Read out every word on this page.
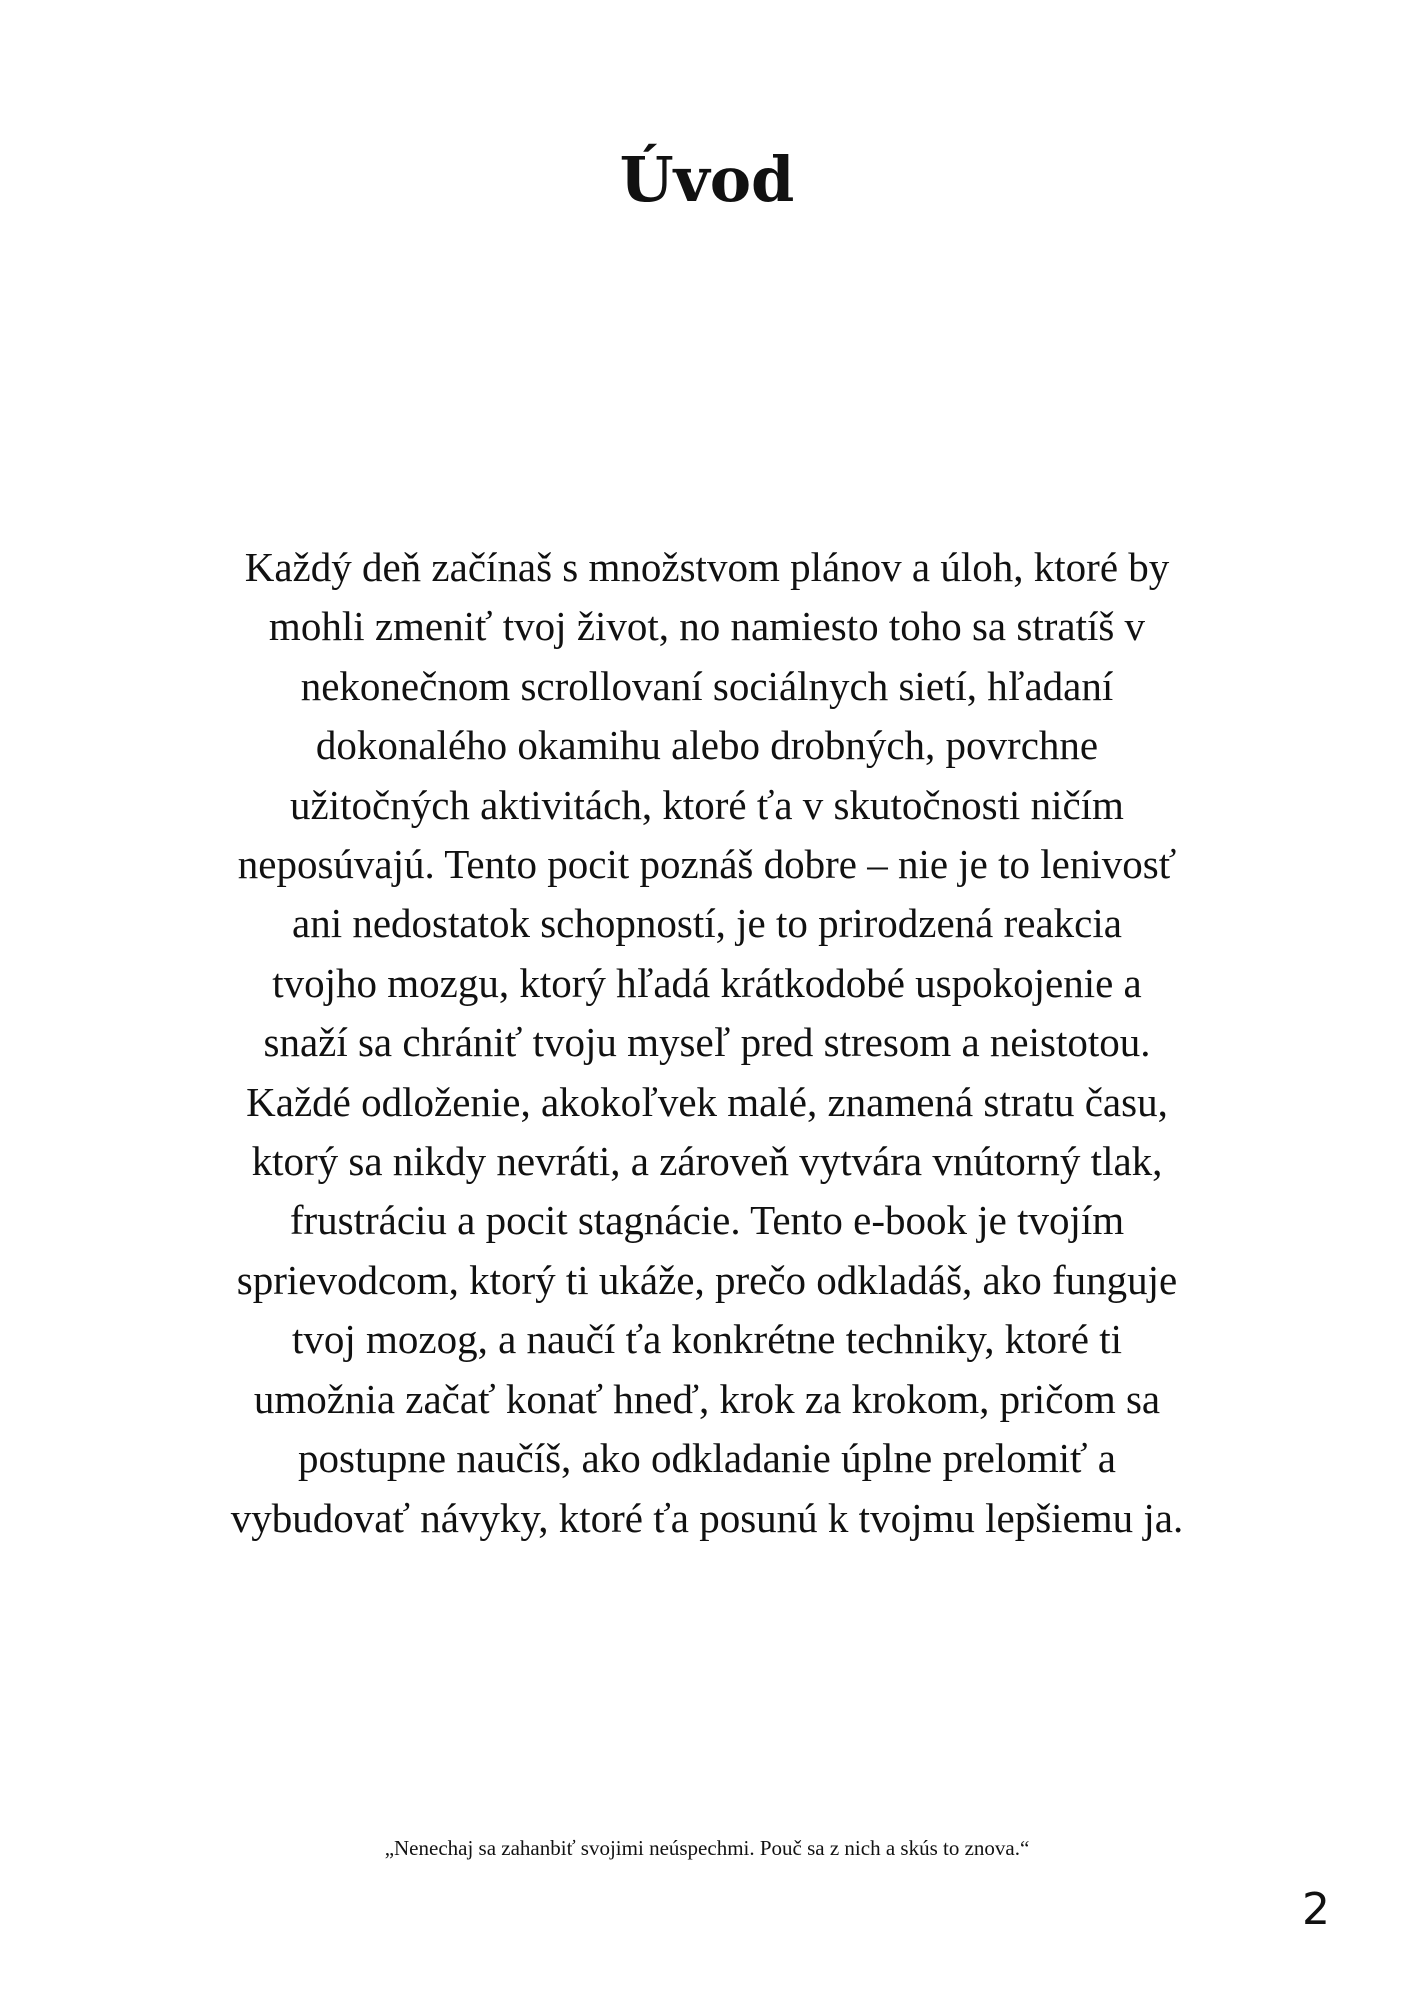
Úvod

Každý deň začínaš s množstvom plánov a úloh, ktoré by
mohli zmeniť tvoj život, no namiesto toho sa stratíš v
nekonečnom scrollovaní sociálnych sietí, hľadaní
dokonalého okamihu alebo drobných, povrchne
užitočných aktivitách, ktoré ťa v skutočnosti ničím
neposúvajú. Tento pocit poznáš dobre – nie je to lenivosť
ani nedostatok schopností, je to prirodzená reakcia
tvojho mozgu, ktorý hľadá krátkodobé uspokojenie a
snaží sa chrániť tvoju myseľ pred stresom a neistotou.
Každé odloženie, akokoľvek malé, znamená stratu času,
ktorý sa nikdy nevráti, a zároveň vytvára vnútorný tlak,
frustráciu a pocit stagnácie. Tento e-book je tvojím
sprievodcom, ktorý ti ukáže, prečo odkladáš, ako funguje
tvoj mozog, a naučí ťa konkrétne techniky, ktoré ti
umožnia začať konať hneď, krok za krokom, pričom sa
postupne naučíš, ako odkladanie úplne prelomiť a
vybudovať návyky, ktoré ťa posunú k tvojmu lepšiemu ja.

„Nenechaj sa zahanbiť svojimi neúspechmi. Pouč sa z nich a skús to znova.“

2
